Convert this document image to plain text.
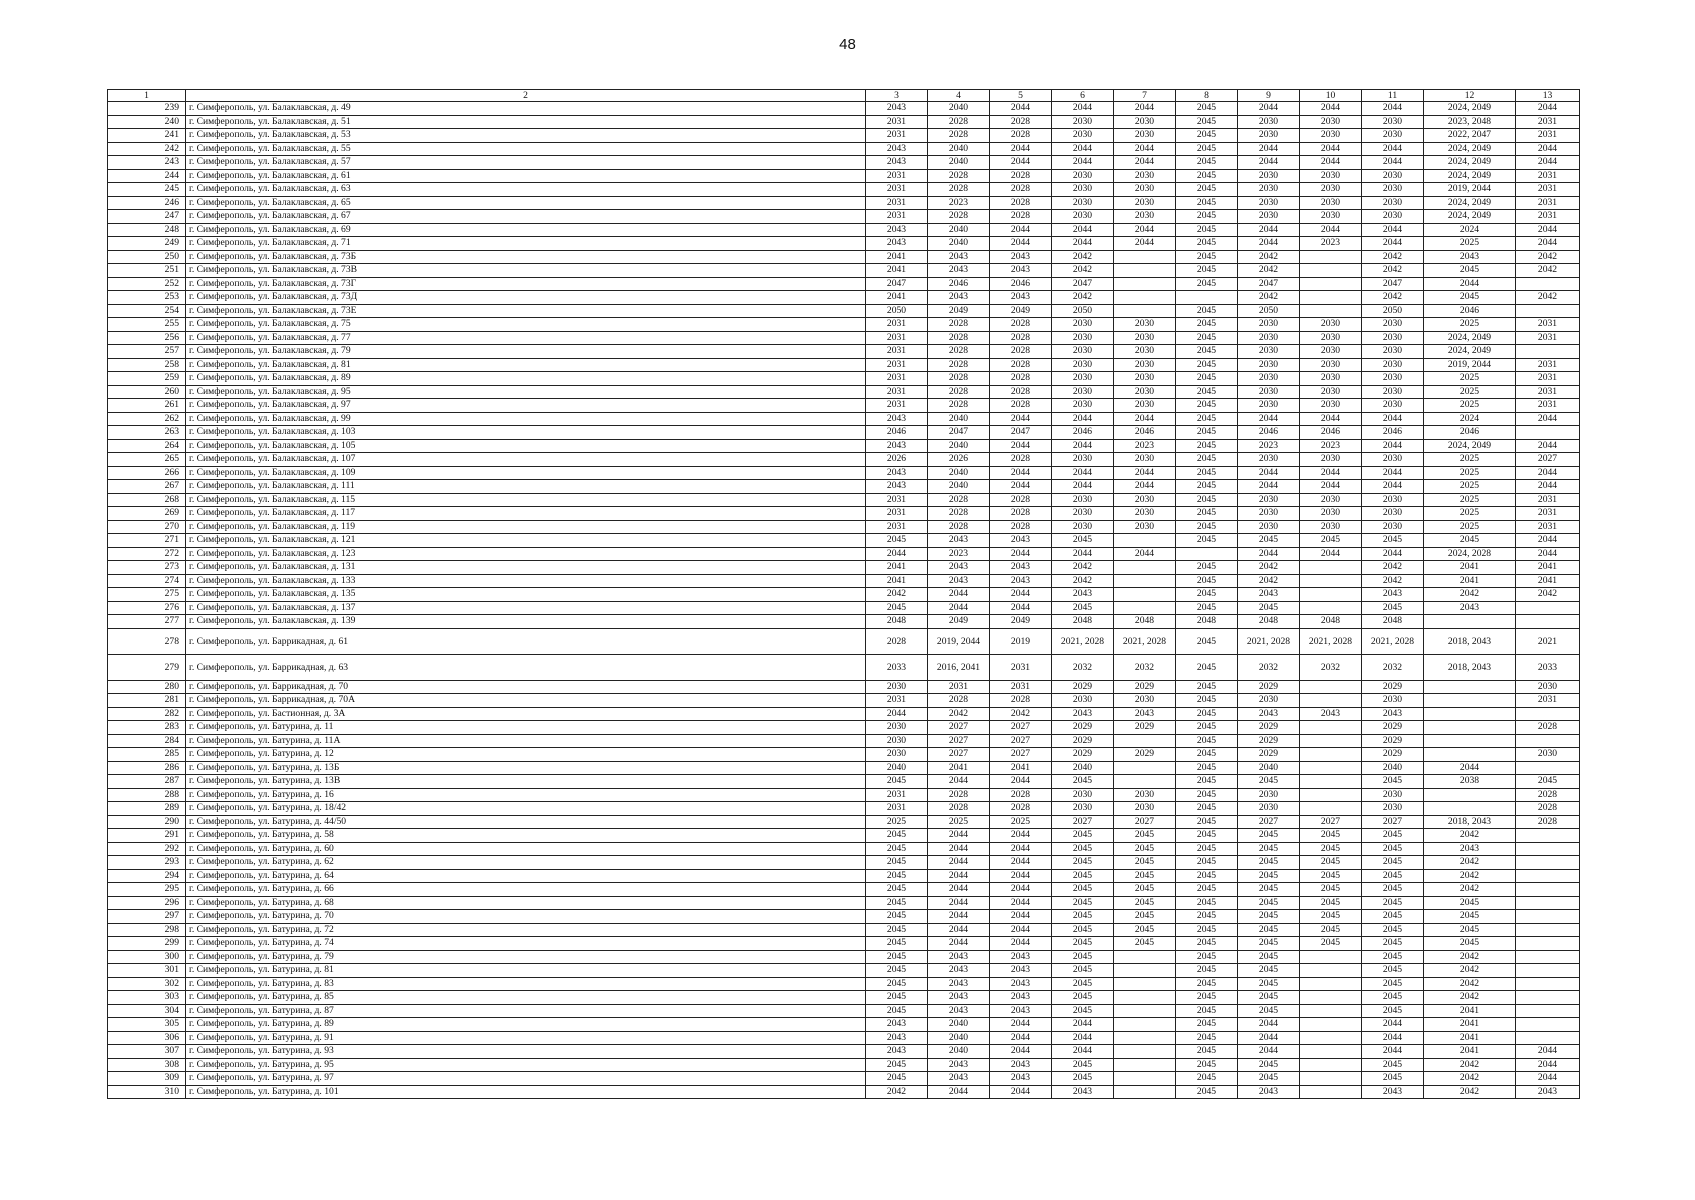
48
1	2	3	4	5	6	7	8	9	10	11	12	13
239	г. Симферополь, ул. Балаклавская, д. 49	2043	2040	2044	2044	2044	2045	2044	2044	2044	2024, 2049	2044
240	г. Симферополь, ул. Балаклавская, д. 51	2031	2028	2028	2030	2030	2045	2030	2030	2030	2023, 2048	2031
241	г. Симферополь, ул. Балаклавская, д. 53	2031	2028	2028	2030	2030	2045	2030	2030	2030	2022, 2047	2031
242	г. Симферополь, ул. Балаклавская, д. 55	2043	2040	2044	2044	2044	2045	2044	2044	2044	2024, 2049	2044
243	г. Симферополь, ул. Балаклавская, д. 57	2043	2040	2044	2044	2044	2045	2044	2044	2044	2024, 2049	2044
244	г. Симферополь, ул. Балаклавская, д. 61	2031	2028	2028	2030	2030	2045	2030	2030	2030	2024, 2049	2031
245	г. Симферополь, ул. Балаклавская, д. 63	2031	2028	2028	2030	2030	2045	2030	2030	2030	2019, 2044	2031
246	г. Симферополь, ул. Балаклавская, д. 65	2031	2023	2028	2030	2030	2045	2030	2030	2030	2024, 2049	2031
247	г. Симферополь, ул. Балаклавская, д. 67	2031	2028	2028	2030	2030	2045	2030	2030	2030	2024, 2049	2031
248	г. Симферополь, ул. Балаклавская, д. 69	2043	2040	2044	2044	2044	2045	2044	2044	2044	2024	2044
249	г. Симферополь, ул. Балаклавская, д. 71	2043	2040	2044	2044	2044	2045	2044	2023	2044	2025	2044
250	г. Симферополь, ул. Балаклавская, д. 73Б	2041	2043	2043	2042		2045	2042		2042	2043	2042
251	г. Симферополь, ул. Балаклавская, д. 73В	2041	2043	2043	2042		2045	2042		2042	2045	2042
252	г. Симферополь, ул. Балаклавская, д. 73Г	2047	2046	2046	2047		2045	2047		2047	2044	
253	г. Симферополь, ул. Балаклавская, д. 73Д	2041	2043	2043	2042			2042		2042	2045	2042
254	г. Симферополь, ул. Балаклавская, д. 73Е	2050	2049	2049	2050		2045	2050		2050	2046	
255	г. Симферополь, ул. Балаклавская, д. 75	2031	2028	2028	2030	2030	2045	2030	2030	2030	2025	2031
256	г. Симферополь, ул. Балаклавская, д. 77	2031	2028	2028	2030	2030	2045	2030	2030	2030	2024, 2049	2031
257	г. Симферополь, ул. Балаклавская, д. 79	2031	2028	2028	2030	2030	2045	2030	2030	2030	2024, 2049	
258	г. Симферополь, ул. Балаклавская, д. 81	2031	2028	2028	2030	2030	2045	2030	2030	2030	2019, 2044	2031
259	г. Симферополь, ул. Балаклавская, д. 89	2031	2028	2028	2030	2030	2045	2030	2030	2030	2025	2031
260	г. Симферополь, ул. Балаклавская, д. 95	2031	2028	2028	2030	2030	2045	2030	2030	2030	2025	2031
261	г. Симферополь, ул. Балаклавская, д. 97	2031	2028	2028	2030	2030	2045	2030	2030	2030	2025	2031
262	г. Симферополь, ул. Балаклавская, д. 99	2043	2040	2044	2044	2044	2045	2044	2044	2044	2024	2044
263	г. Симферополь, ул. Балаклавская, д. 103	2046	2047	2047	2046	2046	2045	2046	2046	2046	2046	
264	г. Симферополь, ул. Балаклавская, д. 105	2043	2040	2044	2044	2023	2045	2023	2023	2044	2024, 2049	2044
265	г. Симферополь, ул. Балаклавская, д. 107	2026	2026	2028	2030	2030	2045	2030	2030	2030	2025	2027
266	г. Симферополь, ул. Балаклавская, д. 109	2043	2040	2044	2044	2044	2045	2044	2044	2044	2025	2044
267	г. Симферополь, ул. Балаклавская, д. 111	2043	2040	2044	2044	2044	2045	2044	2044	2044	2025	2044
268	г. Симферополь, ул. Балаклавская, д. 115	2031	2028	2028	2030	2030	2045	2030	2030	2030	2025	2031
269	г. Симферополь, ул. Балаклавская, д. 117	2031	2028	2028	2030	2030	2045	2030	2030	2030	2025	2031
270	г. Симферополь, ул. Балаклавская, д. 119	2031	2028	2028	2030	2030	2045	2030	2030	2030	2025	2031
271	г. Симферополь, ул. Балаклавская, д. 121	2045	2043	2043	2045		2045	2045	2045	2045	2045	2044
272	г. Симферополь, ул. Балаклавская, д. 123	2044	2023	2044	2044	2044		2044	2044	2044	2024, 2028	2044
273	г. Симферополь, ул. Балаклавская, д. 131	2041	2043	2043	2042		2045	2042		2042	2041	2041
274	г. Симферополь, ул. Балаклавская, д. 133	2041	2043	2043	2042		2045	2042		2042	2041	2041
275	г. Симферополь, ул. Балаклавская, д. 135	2042	2044	2044	2043		2045	2043		2043	2042	2042
276	г. Симферополь, ул. Балаклавская, д. 137	2045	2044	2044	2045		2045	2045		2045	2043	
277	г. Симферополь, ул. Балаклавская, д. 139	2048	2049	2049	2048	2048	2048	2048	2048	2048		
278	г. Симферополь, ул. Баррикадная, д. 61	2028	2019, 2044	2019	2021, 2028	2021, 2028	2045	2021, 2028	2021, 2028	2021, 2028	2018, 2043	2021
279	г. Симферополь, ул. Баррикадная, д. 63	2033	2016, 2041	2031	2032	2032	2045	2032	2032	2032	2018, 2043	2033
280	г. Симферополь, ул. Баррикадная, д. 70	2030	2031	2031	2029	2029	2045	2029		2029		2030
281	г. Симферополь, ул. Баррикадная, д. 70А	2031	2028	2028	2030	2030	2045	2030		2030		2031
282	г. Симферополь, ул. Бастионная, д. 3А	2044	2042	2042	2043	2043	2045	2043	2043	2043		
283	г. Симферополь, ул. Батурина, д. 11	2030	2027	2027	2029	2029	2045	2029		2029		2028
284	г. Симферополь, ул. Батурина, д. 11А	2030	2027	2027	2029		2045	2029		2029		
285	г. Симферополь, ул. Батурина, д. 12	2030	2027	2027	2029	2029	2045	2029		2029		2030
286	г. Симферополь, ул. Батурина, д. 13Б	2040	2041	2041	2040		2045	2040		2040	2044	
287	г. Симферополь, ул. Батурина, д. 13В	2045	2044	2044	2045		2045	2045		2045	2038	2045
288	г. Симферополь, ул. Батурина, д. 16	2031	2028	2028	2030	2030	2045	2030		2030		2028
289	г. Симферополь, ул. Батурина, д. 18/42	2031	2028	2028	2030	2030	2045	2030		2030		2028
290	г. Симферополь, ул. Батурина, д. 44/50	2025	2025	2025	2027	2027	2045	2027	2027	2027	2018, 2043	2028
291	г. Симферополь, ул. Батурина, д. 58	2045	2044	2044	2045	2045	2045	2045	2045	2045	2042	
292	г. Симферополь, ул. Батурина, д. 60	2045	2044	2044	2045	2045	2045	2045	2045	2045	2043	
293	г. Симферополь, ул. Батурина, д. 62	2045	2044	2044	2045	2045	2045	2045	2045	2045	2042	
294	г. Симферополь, ул. Батурина, д. 64	2045	2044	2044	2045	2045	2045	2045	2045	2045	2042	
295	г. Симферополь, ул. Батурина, д. 66	2045	2044	2044	2045	2045	2045	2045	2045	2045	2042	
296	г. Симферополь, ул. Батурина, д. 68	2045	2044	2044	2045	2045	2045	2045	2045	2045	2045	
297	г. Симферополь, ул. Батурина, д. 70	2045	2044	2044	2045	2045	2045	2045	2045	2045	2045	
298	г. Симферополь, ул. Батурина, д. 72	2045	2044	2044	2045	2045	2045	2045	2045	2045	2045	
299	г. Симферополь, ул. Батурина, д. 74	2045	2044	2044	2045	2045	2045	2045	2045	2045	2045	
300	г. Симферополь, ул. Батурина, д. 79	2045	2043	2043	2045		2045	2045		2045	2042	
301	г. Симферополь, ул. Батурина, д. 81	2045	2043	2043	2045		2045	2045		2045	2042	
302	г. Симферополь, ул. Батурина, д. 83	2045	2043	2043	2045		2045	2045		2045	2042	
303	г. Симферополь, ул. Батурина, д. 85	2045	2043	2043	2045		2045	2045		2045	2042	
304	г. Симферополь, ул. Батурина, д. 87	2045	2043	2043	2045		2045	2045		2045	2041	
305	г. Симферополь, ул. Батурина, д. 89	2043	2040	2044	2044		2045	2044		2044	2041	
306	г. Симферополь, ул. Батурина, д. 91	2043	2040	2044	2044		2045	2044		2044	2041	
307	г. Симферополь, ул. Батурина, д. 93	2043	2040	2044	2044		2045	2044		2044	2041	2044
308	г. Симферополь, ул. Батурина, д. 95	2045	2043	2043	2045		2045	2045		2045	2042	2044
309	г. Симферополь, ул. Батурина, д. 97	2045	2043	2043	2045		2045	2045		2045	2042	2044
310	г. Симферополь, ул. Батурина, д. 101	2042	2044	2044	2043		2045	2043		2043	2042	2043
